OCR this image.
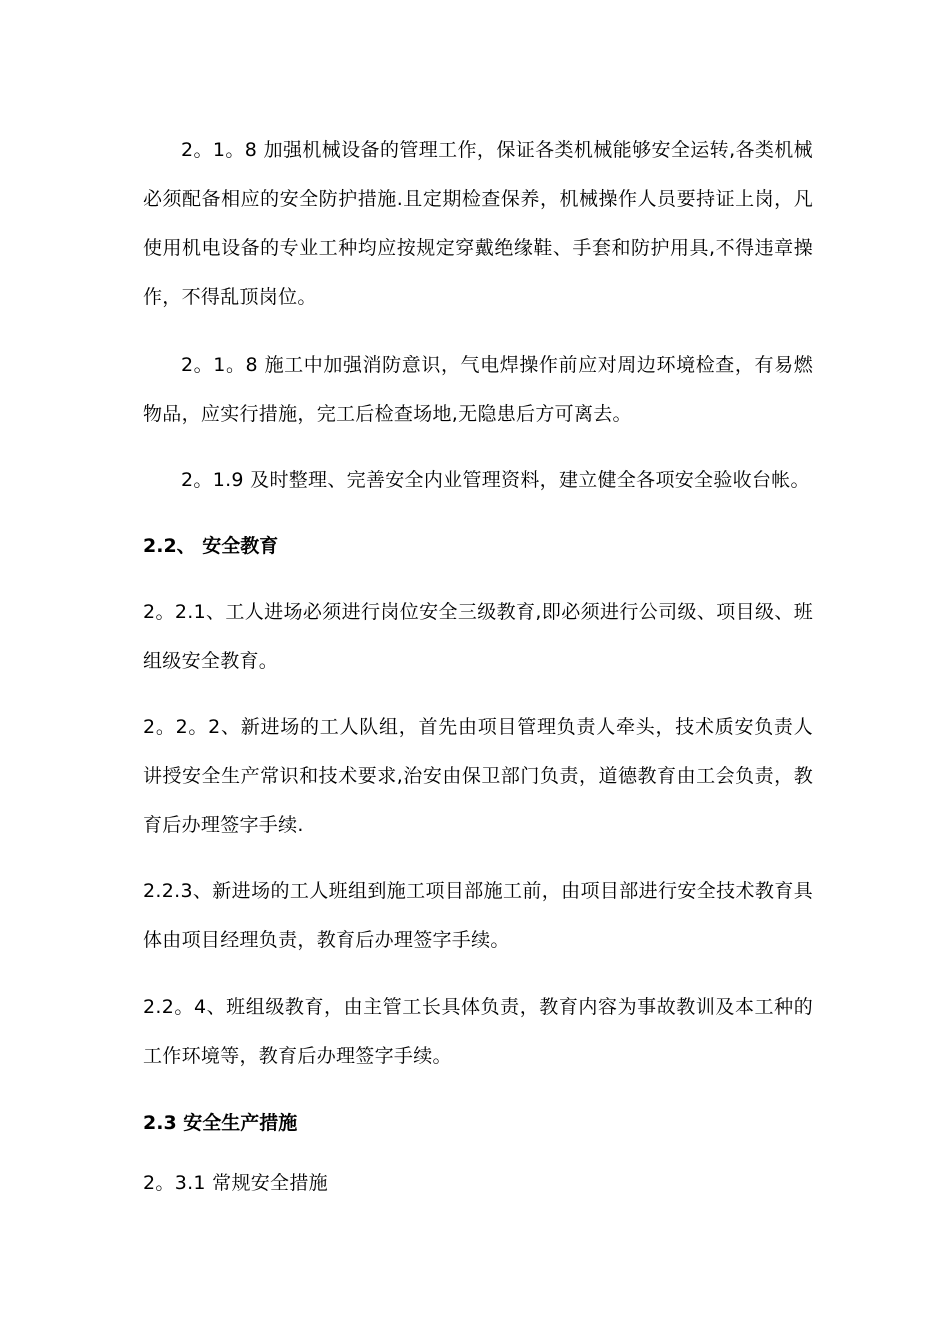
2。1。8 加强机械设备的管理工作，保证各类机械能够安全运转,各类机械必须配备相应的安全防护措施.且定期检查保养，机械操作人员要持证上岗，凡使用机电设备的专业工种均应按规定穿戴绝缘鞋、手套和防护用具,不得违章操作，不得乱顶岗位。

2。1。8 施工中加强消防意识，气电焊操作前应对周边环境检查，有易燃物品，应实行措施，完工后检查场地,无隐患后方可离去。

2。1.9 及时整理、完善安全内业管理资料，建立健全各项安全验收台帐。

2.2、 安全教育

2。2.1、工人进场必须进行岗位安全三级教育,即必须进行公司级、项目级、班组级安全教育。

2。2。2、新进场的工人队组，首先由项目管理负责人牵头，技术质安负责人讲授安全生产常识和技术要求,治安由保卫部门负责，道德教育由工会负责，教育后办理签字手续.

2.2.3、新进场的工人班组到施工项目部施工前，由项目部进行安全技术教育具体由项目经理负责，教育后办理签字手续。

2.2。4、班组级教育，由主管工长具体负责，教育内容为事故教训及本工种的工作环境等，教育后办理签字手续。

2.3 安全生产措施

2。3.1 常规安全措施
